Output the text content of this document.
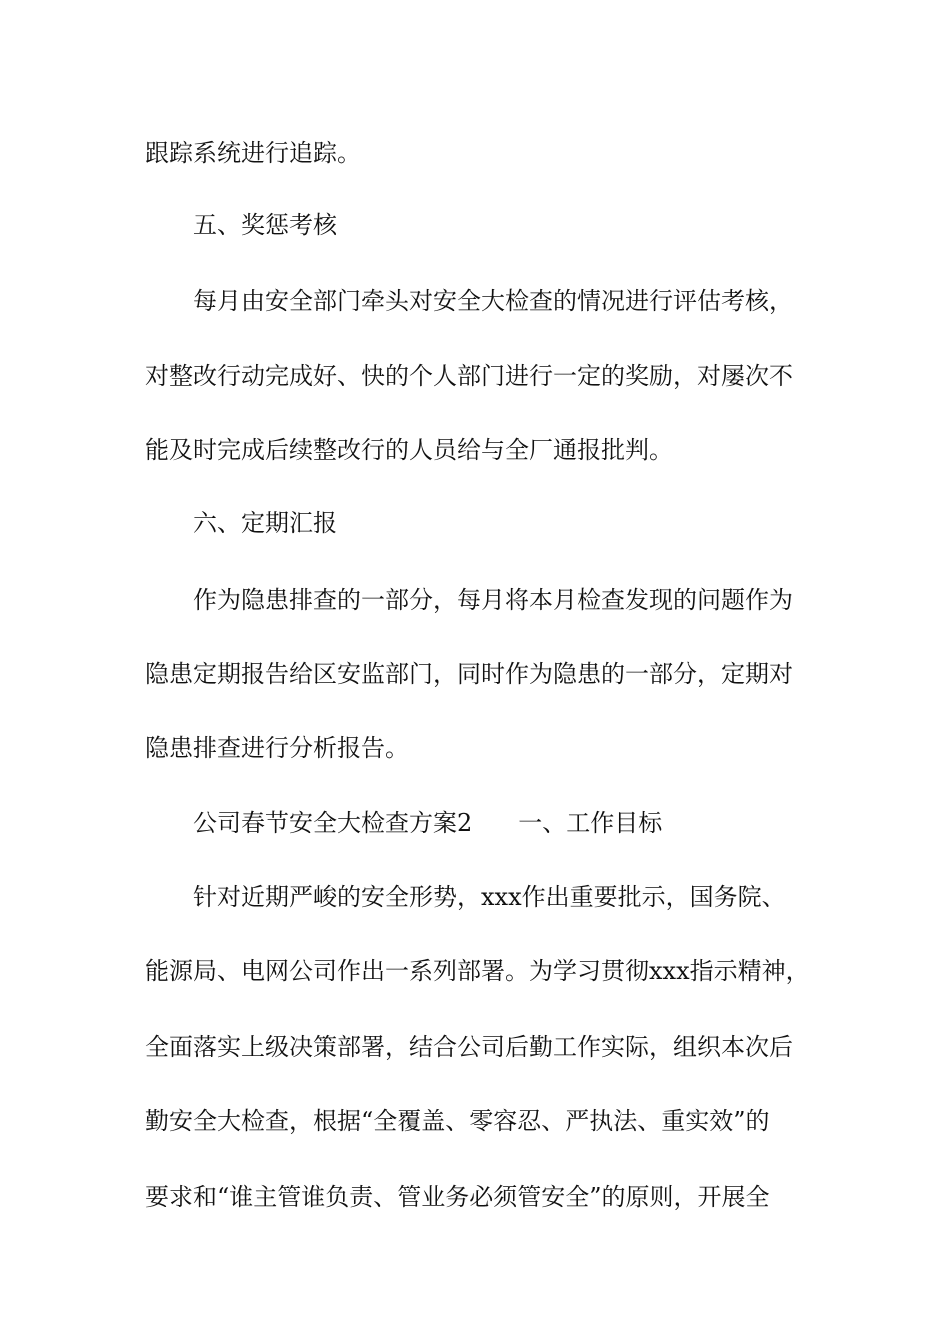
跟踪系统进行追踪。
五、奖惩考核
每月由安全部门牵头对安全大检查的情况进行评估考核，
对整改行动完成好、快的个人部门进行一定的奖励，对屡次不
能及时完成后续整改行的人员给与全厂通报批判。
六、定期汇报
作为隐患排查的一部分，每月将本月检查发现的问题作为
隐患定期报告给区安监部门，同时作为隐患的一部分，定期对
隐患排查进行分析报告。
公司春节安全大检查方案2 一、工作目标
针对近期严峻的安全形势，xxx作出重要批示，国务院、
能源局、电网公司作出一系列部署。为学习贯彻xxx指示精神，
全面落实上级决策部署，结合公司后勤工作实际，组织本次后
勤安全大检查，根据“全覆盖、零容忍、严执法、重实效”的
要求和“谁主管谁负责、管业务必须管安全”的原则，开展全
